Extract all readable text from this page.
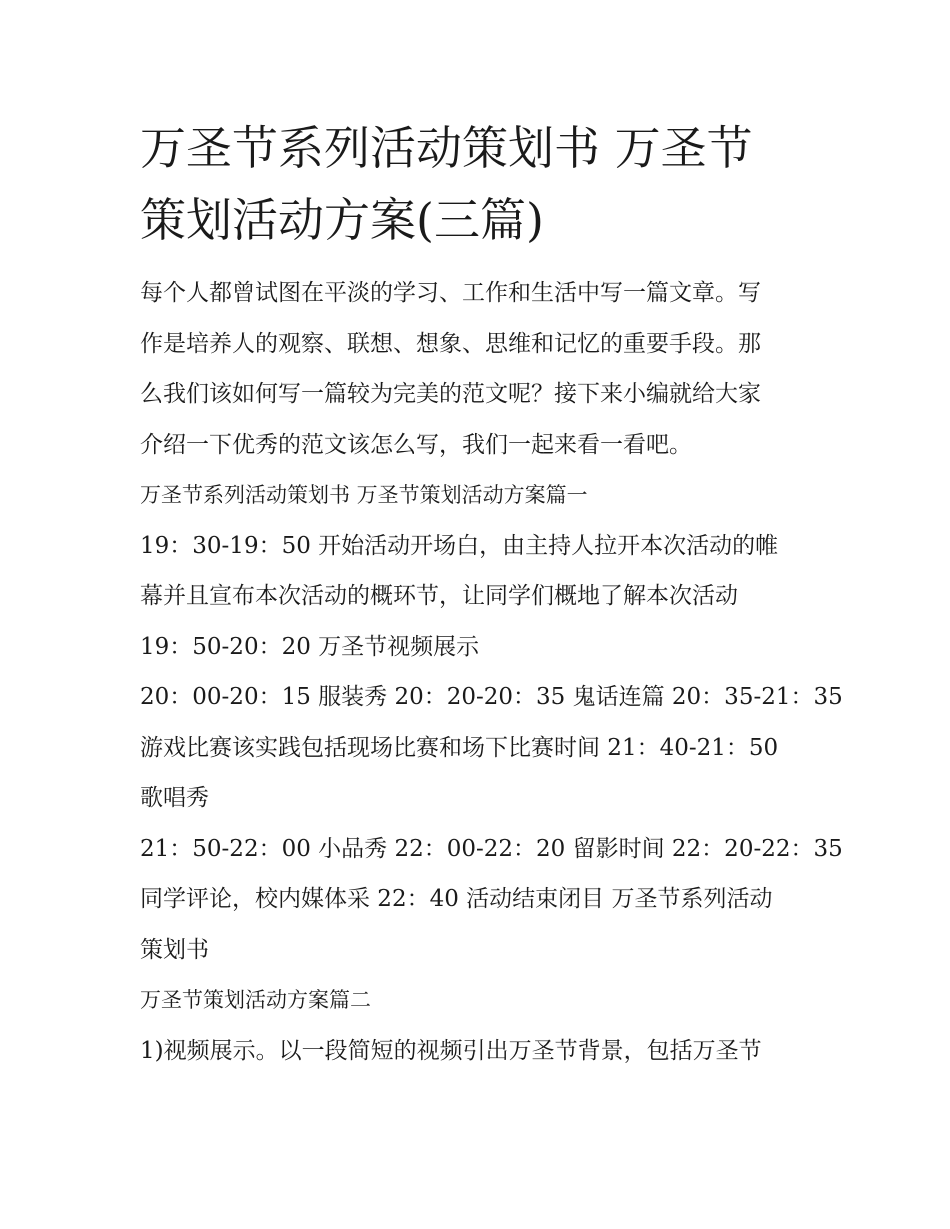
万圣节系列活动策划书 万圣节
策划活动方案(三篇)

每个人都曾试图在平淡的学习、工作和生活中写一篇文章。写

作是培养人的观察、联想、想象、思维和记忆的重要手段。那

么我们该如何写一篇较为完美的范文呢？接下来小编就给大家

介绍一下优秀的范文该怎么写，我们一起来看一看吧。

万圣节系列活动策划书 万圣节策划活动方案篇一

19：30-19：50 开始活动开场白，由主持人拉开本次活动的帷

幕并且宣布本次活动的概环节，让同学们概地了解本次活动

19：50-20：20 万圣节视频展示

20：00-20：15 服装秀 20：20-20：35 鬼话连篇 20：35-21：35

游戏比赛该实践包括现场比赛和场下比赛时间 21：40-21：50

歌唱秀

21：50-22：00 小品秀 22：00-22：20 留影时间 22：20-22：35

同学评论，校内媒体采 22：40 活动结束闭目 万圣节系列活动

策划书

万圣节策划活动方案篇二

1)视频展示。以一段简短的视频引出万圣节背景，包括万圣节
